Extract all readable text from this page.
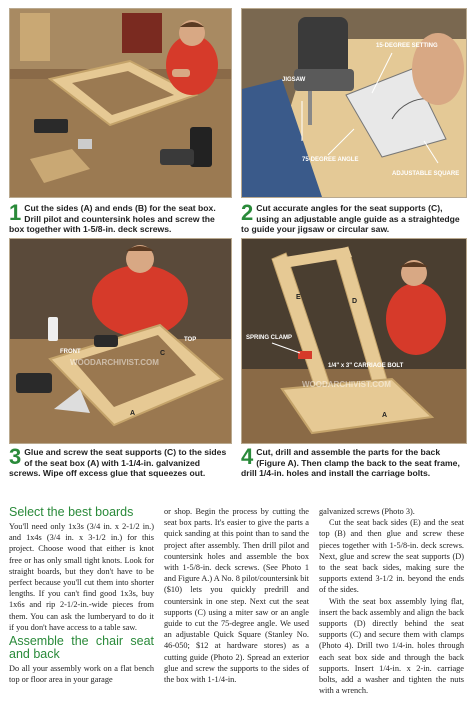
15-DEGREE SETTING
JIGSAW
75-DEGREE ANGLE
ADJUSTABLE SQUARE
1 Cut the sides (A) and ends (B) for the seat box. Drill pilot and countersink holes and screw the box together with 1-5/8-in. deck screws.
2 Cut accurate angles for the seat supports (C), using an adjustable angle guide as a straightedge to guide your jigsaw or circular saw.
FRONT
TOP
A
C
WOODARCHIVIST.COM
SPRING CLAMP
1/4" x 3" CARRIAGE BOLT
E
D
A
WOODARCHIVIST.COM
3 Glue and screw the seat supports (C) to the sides of the seat box (A) with 1-1/4-in. galvanized screws. Wipe off excess glue that squeezes out.
4 Cut, drill and assemble the parts for the back (Figure A). Then clamp the back to the seat frame, drill 1/4-in. holes and install the carriage bolts.
Select the best boards

You'll need only 1x3s (3/4 in. x 2-1/2 in.) and 1x4s (3/4 in. x 3-1/2 in.) for this project. Choose wood that either is knot free or has only small tight knots. Look for straight boards, but they don't have to be perfect because you'll cut them into shorter lengths. If you can't find good 1x3s, buy 1x6s and rip 2-1/2-in.-wide pieces from them. You can ask the lumberyard to do it if you don't have access to a table saw.

Assemble the chair seat and back

Do all your assembly work on a flat bench top or floor area in your garage

or shop. Begin the process by cutting the seat box parts. It's easier to give the parts a quick sanding at this point than to sand the project after assembly. Then drill pilot and countersink holes and assemble the box with 1-5/8-in. deck screws. (See Photo 1 and Figure A.) A No. 8 pilot/countersink bit ($10) lets you quickly predrill and countersink in one step. Next cut the seat supports (C) using a miter saw or an angle guide to cut the 75-degree angle. We used an adjustable Quick Square (Stanley No. 46-050; $12 at hardware stores) as a cutting guide (Photo 2). Spread an exterior glue and screw the supports to the sides of the box with 1-1/4-in.

galvanized screws (Photo 3).

Cut the seat back sides (E) and the seat top (B) and then glue and screw these pieces together with 1-5/8-in. deck screws. Next, glue and screw the seat supports (D) to the seat back sides, making sure the supports extend 3-1/2 in. beyond the ends of the sides.

With the seat box assembly lying flat, insert the back assembly and align the back supports (D) directly behind the seat supports (C) and secure them with clamps (Photo 4). Drill two 1/4-in. holes through each seat box side and through the back supports. Insert 1/4-in. x 2-in. carriage bolts, add a washer and tighten the nuts with a wrench.
